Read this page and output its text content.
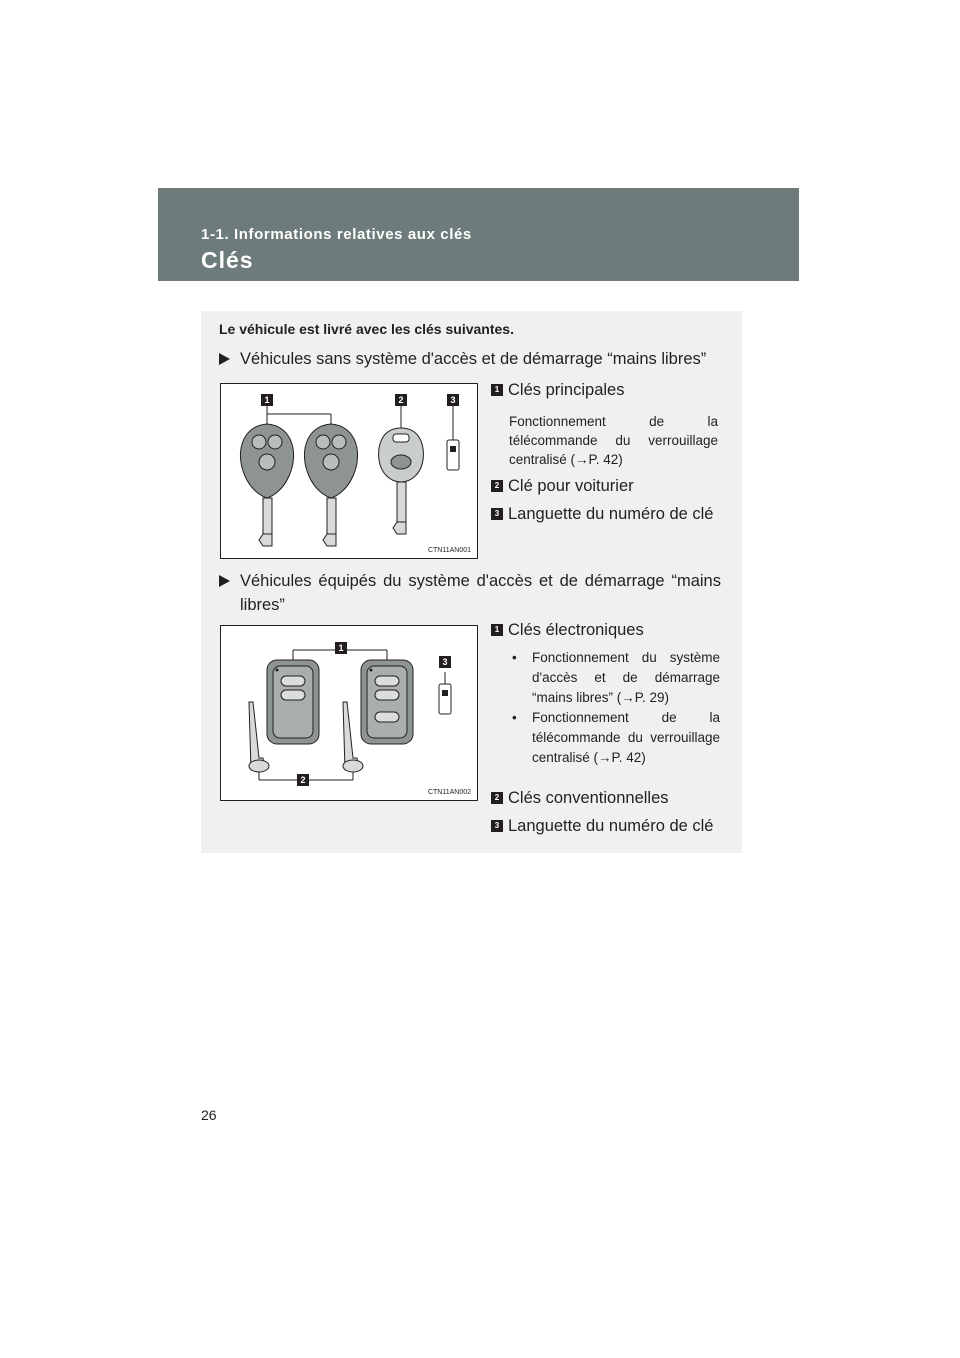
1-1. Informations relatives aux clés
Clés
Le véhicule est livré avec les clés suivantes.
Véhicules sans système d'accès et de démarrage “mains libres”
1	2	3
CTN11AN001
1 Clés principales
Fonctionnement de la télécommande du verrouillage centralisé (→P. 42)
2 Clé pour voiturier
3 Languette du numéro de clé
Véhicules équipés du système d'accès et de démarrage “mains libres”
1
2
3
CTN11AN002
1 Clés électroniques
•	Fonctionnement du système d'accès et de démarrage “mains libres” (→P. 29)
•	Fonctionnement de la télécommande du verrouillage centralisé (→P. 42)
2 Clés conventionnelles
3 Languette du numéro de clé
26
